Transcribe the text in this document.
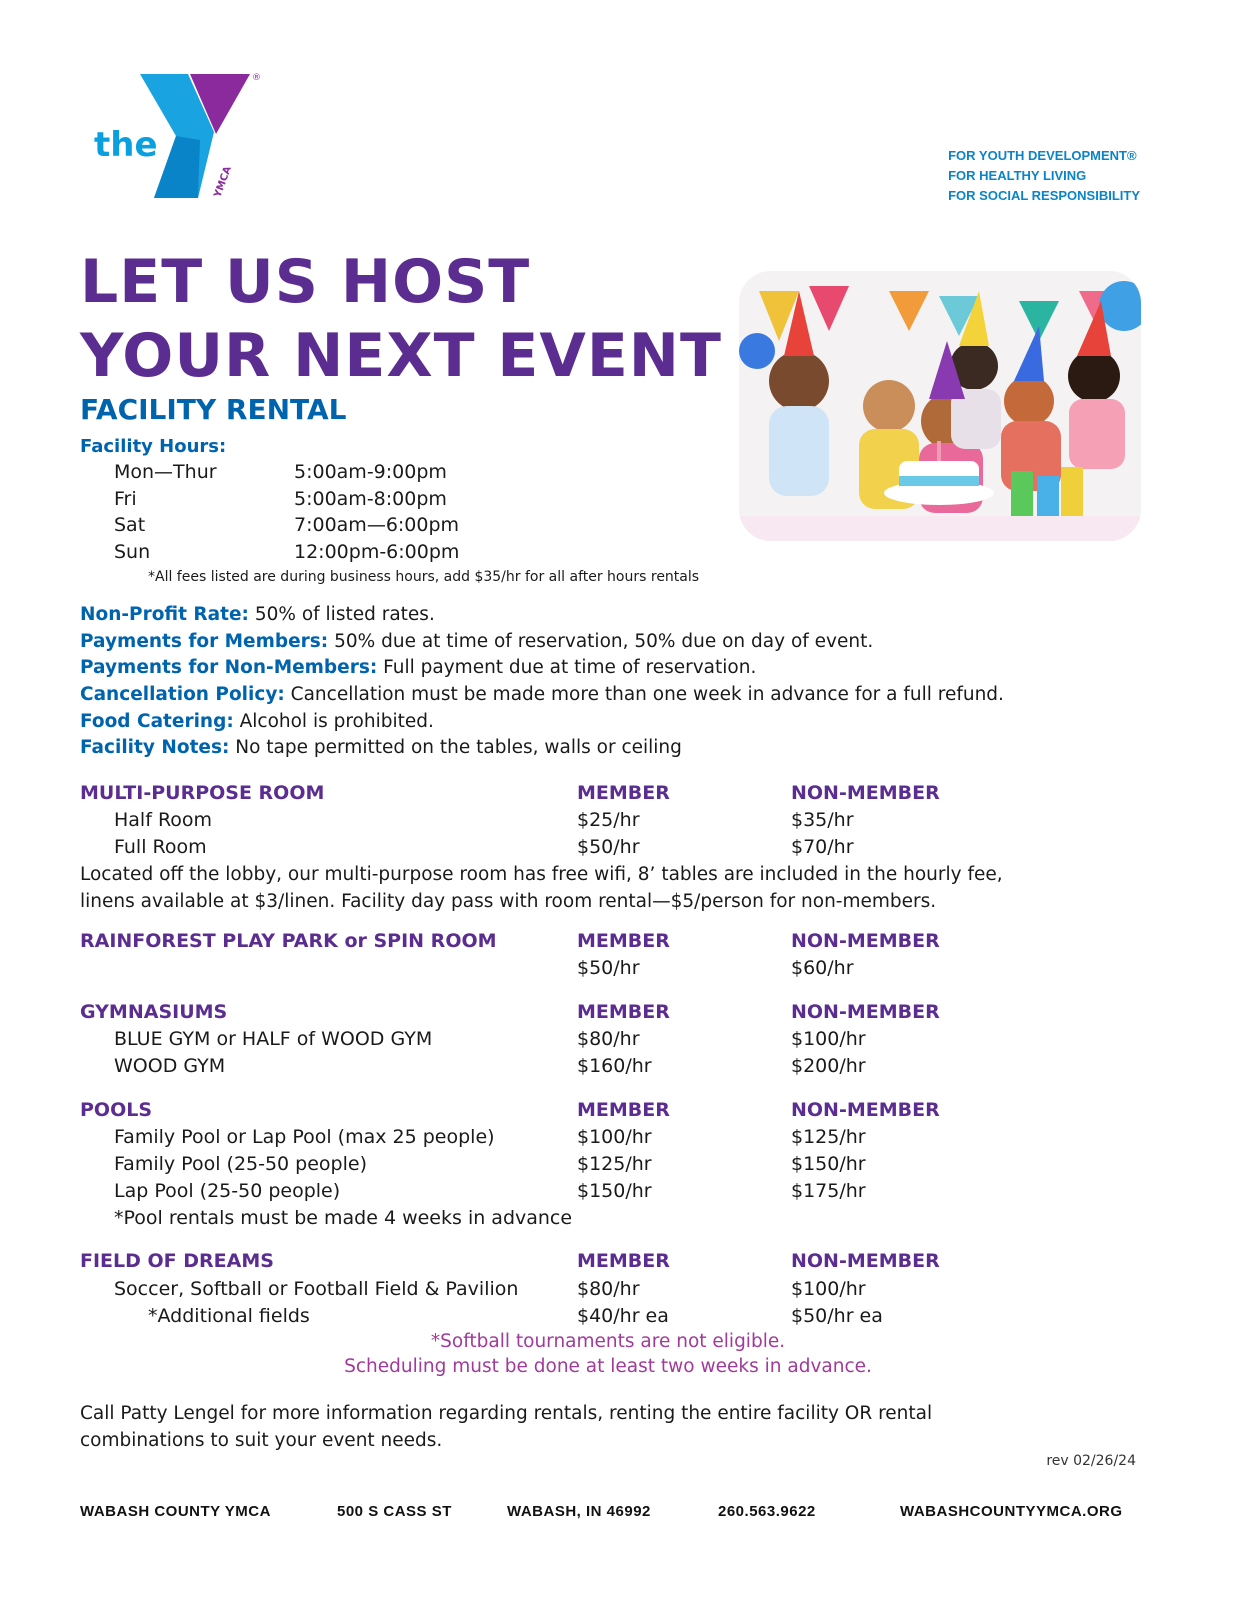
the
®
YMCA
FOR YOUTH DEVELOPMENT®
FOR HEALTHY LIVING
FOR SOCIAL RESPONSIBILITY
LET US HOST
YOUR NEXT EVENT
FACILITY RENTAL
Facility Hours:
Mon—Thur	5:00am-9:00pm
Fri	5:00am-8:00pm
Sat	7:00am—6:00pm
Sun	12:00pm-6:00pm
*All fees listed are during business hours, add $35/hr for all after hours rentals
Non-Profit Rate: 50% of listed rates.
Payments for Members: 50% due at time of reservation, 50% due on day of event.
Payments for Non-Members: Full payment due at time of reservation.
Cancellation Policy: Cancellation must be made more than one week in advance for a full refund.
Food Catering: Alcohol is prohibited.
Facility Notes: No tape permitted on the tables, walls or ceiling
MULTI-PURPOSE ROOM	MEMBER	NON-MEMBER
Half Room	$25/hr	$35/hr
Full Room	$50/hr	$70/hr
Located off the lobby, our multi-purpose room has free wifi, 8’ tables are included in the hourly fee,
linens available at $3/linen. Facility day pass with room rental—$5/person for non-members.
RAINFOREST PLAY PARK or SPIN ROOM	MEMBER	NON-MEMBER
$50/hr	$60/hr
GYMNASIUMS	MEMBER	NON-MEMBER
BLUE GYM or HALF of WOOD GYM	$80/hr	$100/hr
WOOD GYM	$160/hr	$200/hr
POOLS	MEMBER	NON-MEMBER
Family Pool or Lap Pool (max 25 people)	$100/hr	$125/hr
Family Pool (25-50 people)	$125/hr	$150/hr
Lap Pool (25-50 people)	$150/hr	$175/hr
*Pool rentals must be made 4 weeks in advance
FIELD OF DREAMS	MEMBER	NON-MEMBER
Soccer, Softball or Football Field & Pavilion	$80/hr	$100/hr
*Additional fields	$40/hr ea	$50/hr ea
*Softball tournaments are not eligible.
Scheduling must be done at least two weeks in advance.
Call Patty Lengel for more information regarding rentals, renting the entire facility OR rental
combinations to suit your event needs.
rev 02/26/24
WABASH COUNTY YMCA	500 S CASS ST	WABASH, IN 46992	260.563.9622	WABASHCOUNTYYMCA.ORG
